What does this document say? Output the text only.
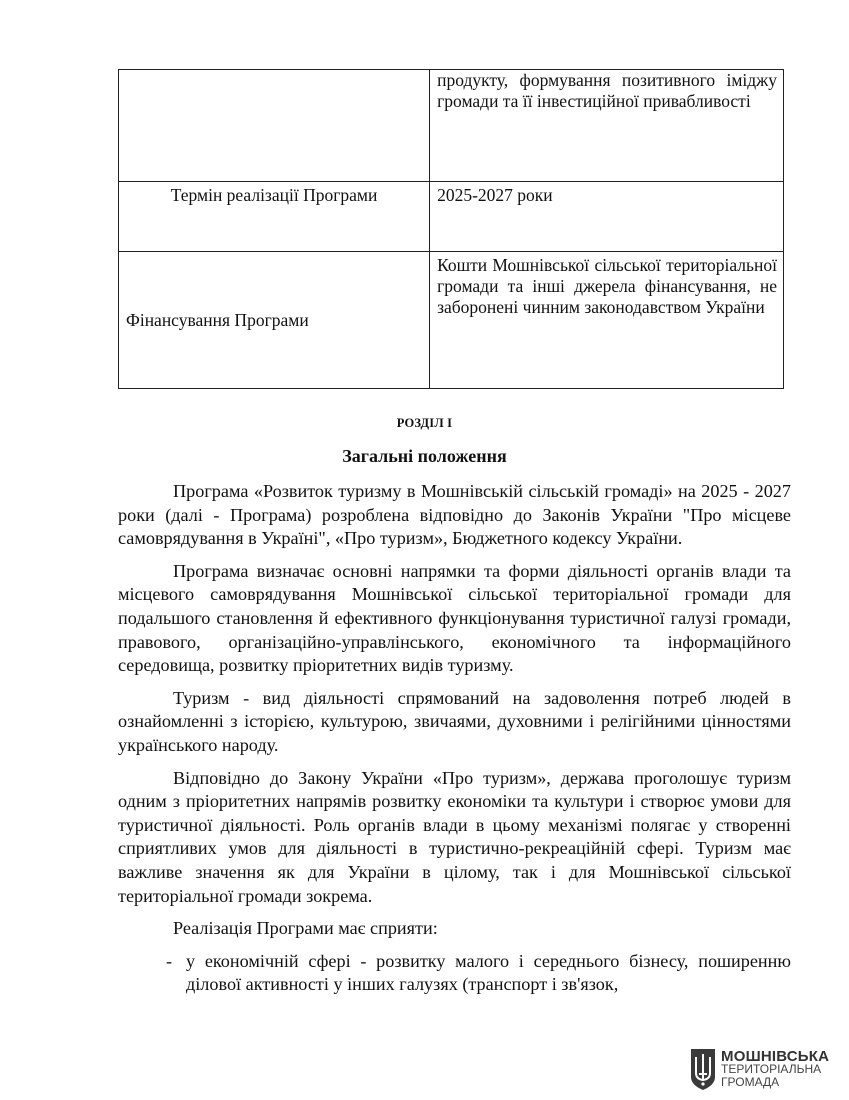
	продукту, формування позитивного іміджу громади та її інвестиційної привабливості
Термін реалізації Програми	2025-2027 роки
Фінансування Програми	Кошти Мошнівської сільської територіальної громади та інші джерела фінансування, не заборонені чинним законодавством України
РОЗДІЛ І
Загальні положення

Програма «Розвиток туризму в Мошнівській сільській громаді» на 2025 - 2027 роки (далі - Програма) розроблена відповідно до Законів України "Про місцеве самоврядування в Україні", «Про туризм», Бюджетного кодексу України.

Програма визначає основні напрямки та форми діяльності органів влади та місцевого самоврядування Мошнівської сільської територіальної громади для подальшого становлення й ефективного функціонування туристичної галузі громади, правового, організаційно-управлінського, економічного та інформаційного середовища, розвитку пріоритетних видів туризму.

Туризм - вид діяльності спрямований на задоволення потреб людей в ознайомленні з історією, культурою, звичаями, духовними і релігійними цінностями українського народу.

Відповідно до Закону України «Про туризм», держава проголошує туризм одним з пріоритетних напрямів розвитку економіки та культури і створює умови для туристичної діяльності. Роль органів влади в цьому механізмі полягає у створенні сприятливих умов для діяльності в туристично-рекреаційній сфері. Туризм має важливе значення як для України в цілому, так і для Мошнівської сільської територіальної громади зокрема.

Реалізація Програми має сприяти:

- у економічній сфері - розвитку малого і середнього бізнесу, поширенню ділової активності у інших галузях (транспорт і зв'язок,
МОШНІВСЬКА
ТЕРИТОРІАЛЬНА
ГРОМАДА
